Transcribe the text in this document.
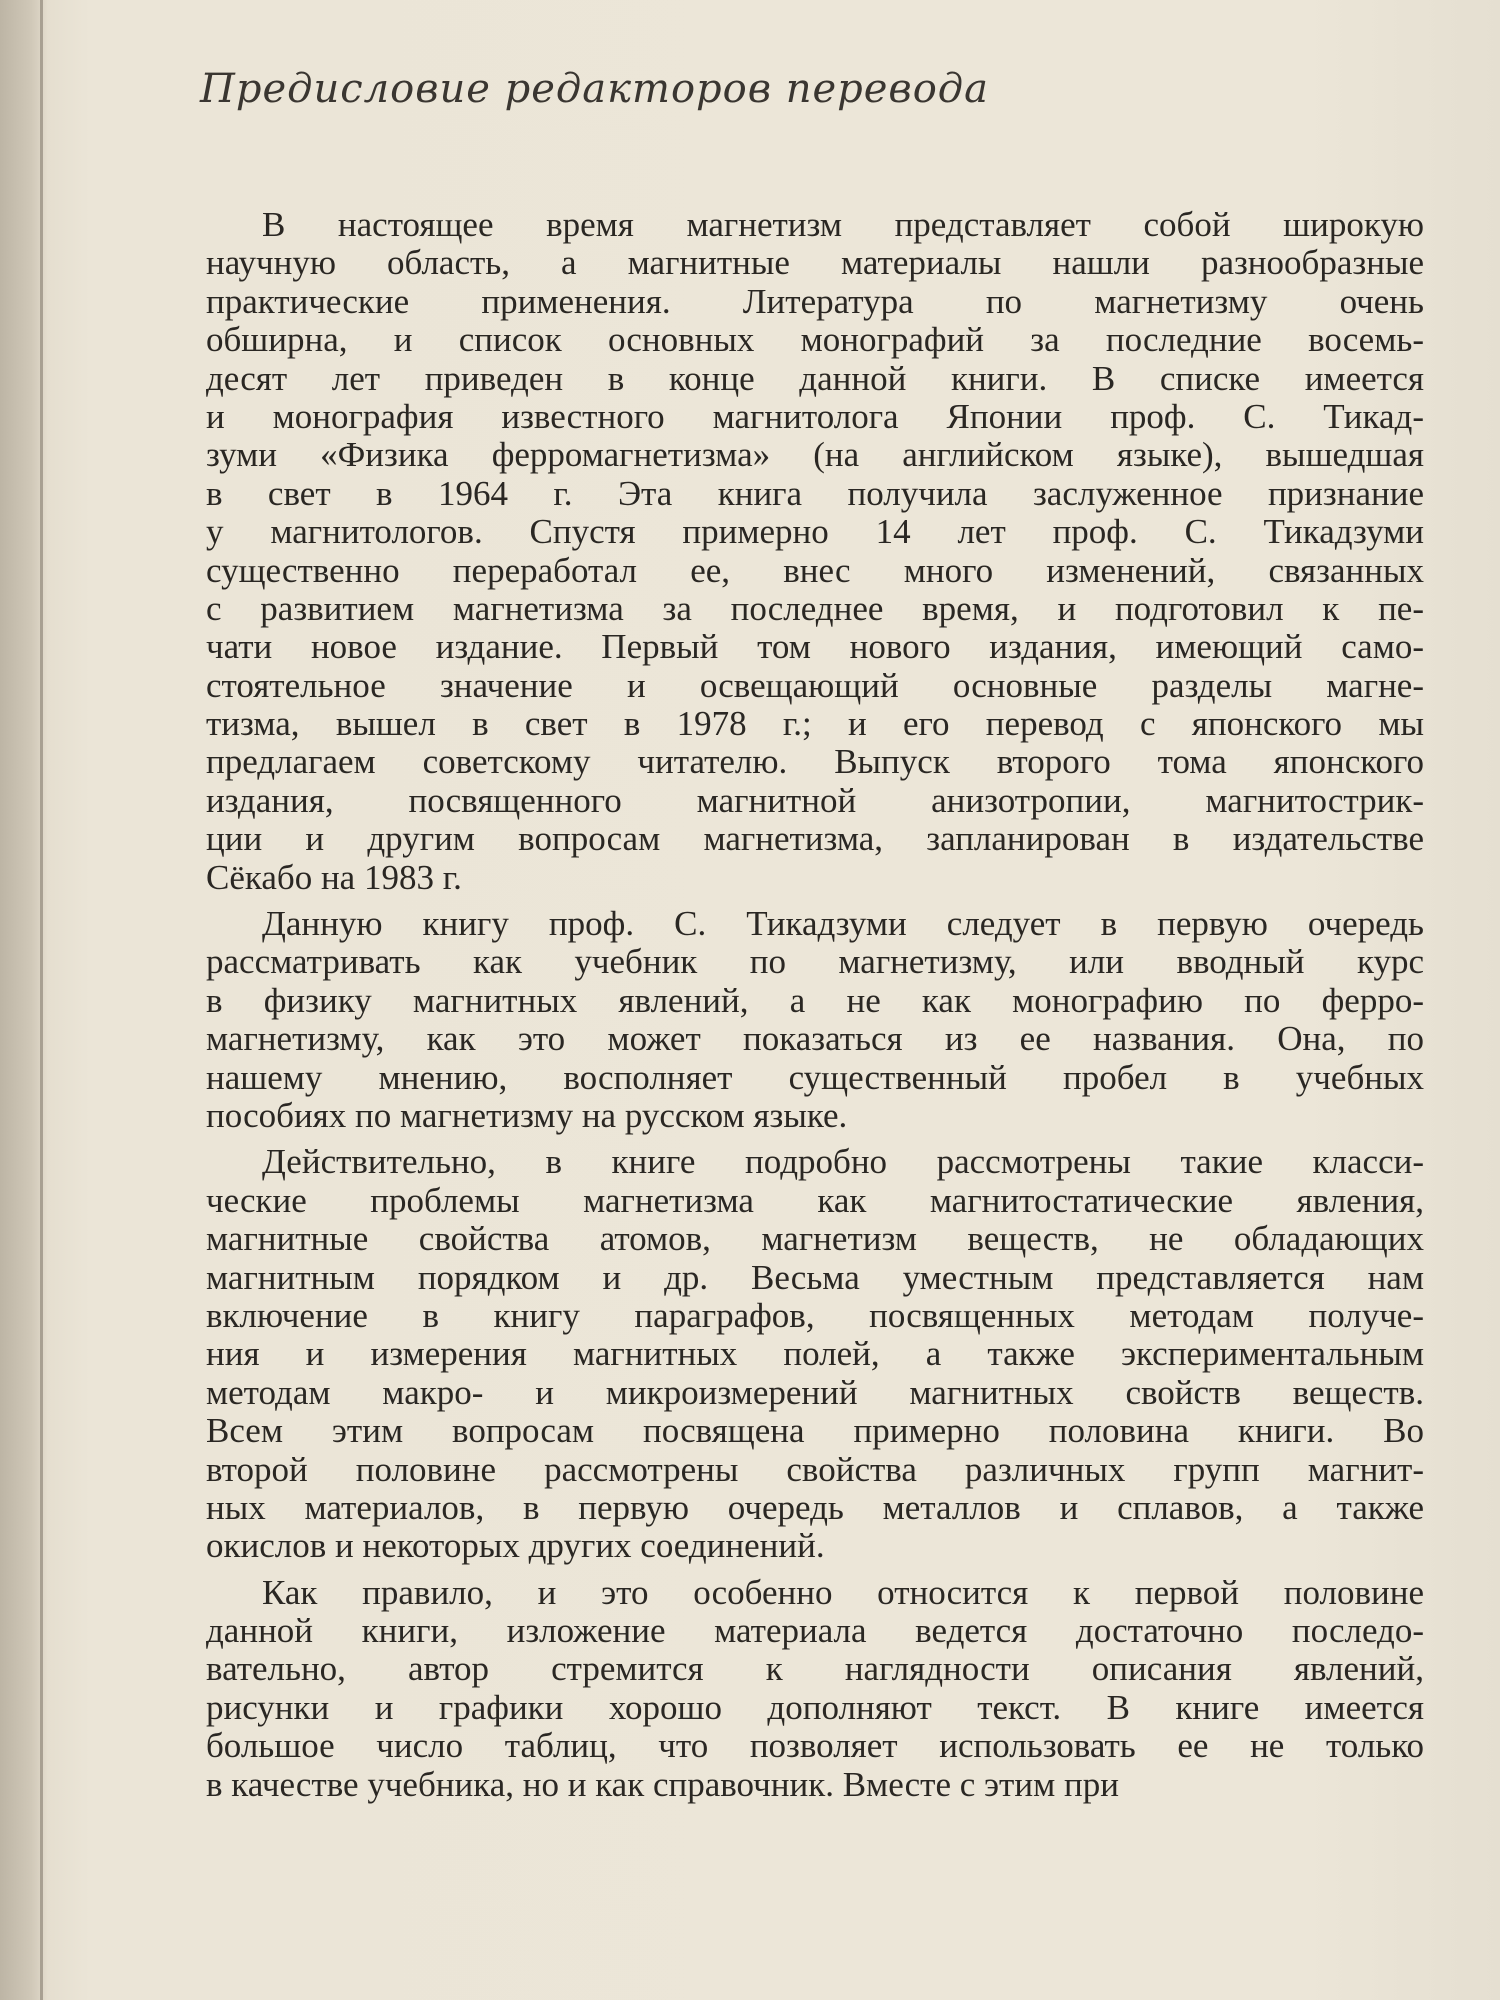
Предисловие редакторов перевода
В настоящее время магнетизм представляет собой широкую
научную область, а магнитные материалы нашли разнообразные
практические применения. Литература по магнетизму очень
обширна, и список основных монографий за последние восемь-
десят лет приведен в конце данной книги. В списке имеется
и монография известного магнитолога Японии проф. С. Тикад-
зуми «Физика ферромагнетизма» (на английском языке), вышедшая
в свет в 1964 г. Эта книга получила заслуженное признание
у магнитологов. Спустя примерно 14 лет проф. С. Тикадзуми
существенно переработал ее, внес много изменений, связанных
с развитием магнетизма за последнее время, и подготовил к пе-
чати новое издание. Первый том нового издания, имеющий само-
стоятельное значение и освещающий основные разделы магне-
тизма, вышел в свет в 1978 г.; и его перевод с японского мы
предлагаем советскому читателю. Выпуск второго тома японского
издания, посвященного магнитной анизотропии, магнитострик-
ции и другим вопросам магнетизма, запланирован в издательстве
Сёкабо на 1983 г.
Данную книгу проф. С. Тикадзуми следует в первую очередь
рассматривать как учебник по магнетизму, или вводный курс
в физику магнитных явлений, а не как монографию по ферро-
магнетизму, как это может показаться из ее названия. Она, по
нашему мнению, восполняет существенный пробел в учебных
пособиях по магнетизму на русском языке.
Действительно, в книге подробно рассмотрены такие класси-
ческие проблемы магнетизма как магнитостатические явления,
магнитные свойства атомов, магнетизм веществ, не обладающих
магнитным порядком и др. Весьма уместным представляется нам
включение в книгу параграфов, посвященных методам получе-
ния и измерения магнитных полей, а также экспериментальным
методам макро- и микроизмерений магнитных свойств веществ.
Всем этим вопросам посвящена примерно половина книги. Во
второй половине рассмотрены свойства различных групп магнит-
ных материалов, в первую очередь металлов и сплавов, а также
окислов и некоторых других соединений.
Как правило, и это особенно относится к первой половине
данной книги, изложение материала ведется достаточно последо-
вательно, автор стремится к наглядности описания явлений,
рисунки и графики хорошо дополняют текст. В книге имеется
большое число таблиц, что позволяет использовать ее не только
в качестве учебника, но и как справочник. Вместе с этим при
